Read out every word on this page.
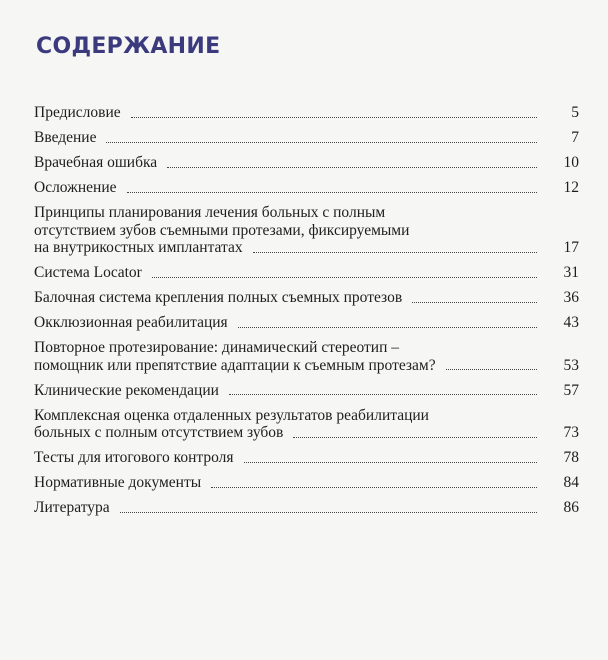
СОДЕРЖАНИЕ
Предисловие	5
Введение	7
Врачебная ошибка	10
Осложнение	12
Принципы планирования лечения больных с полным
отсутствием зубов съемными протезами, фиксируемыми
на внутрикостных имплантатах	17
Система Locator	31
Балочная система крепления полных съемных протезов	36
Окклюзионная реабилитация	43
Повторное протезирование: динамический стереотип –
помощник или препятствие адаптации к съемным протезам?	53
Клинические рекомендации	57
Комплексная оценка отдаленных результатов реабилитации
больных с полным отсутствием зубов	73
Тесты для итогового контроля	78
Нормативные документы	84
Литература	86
